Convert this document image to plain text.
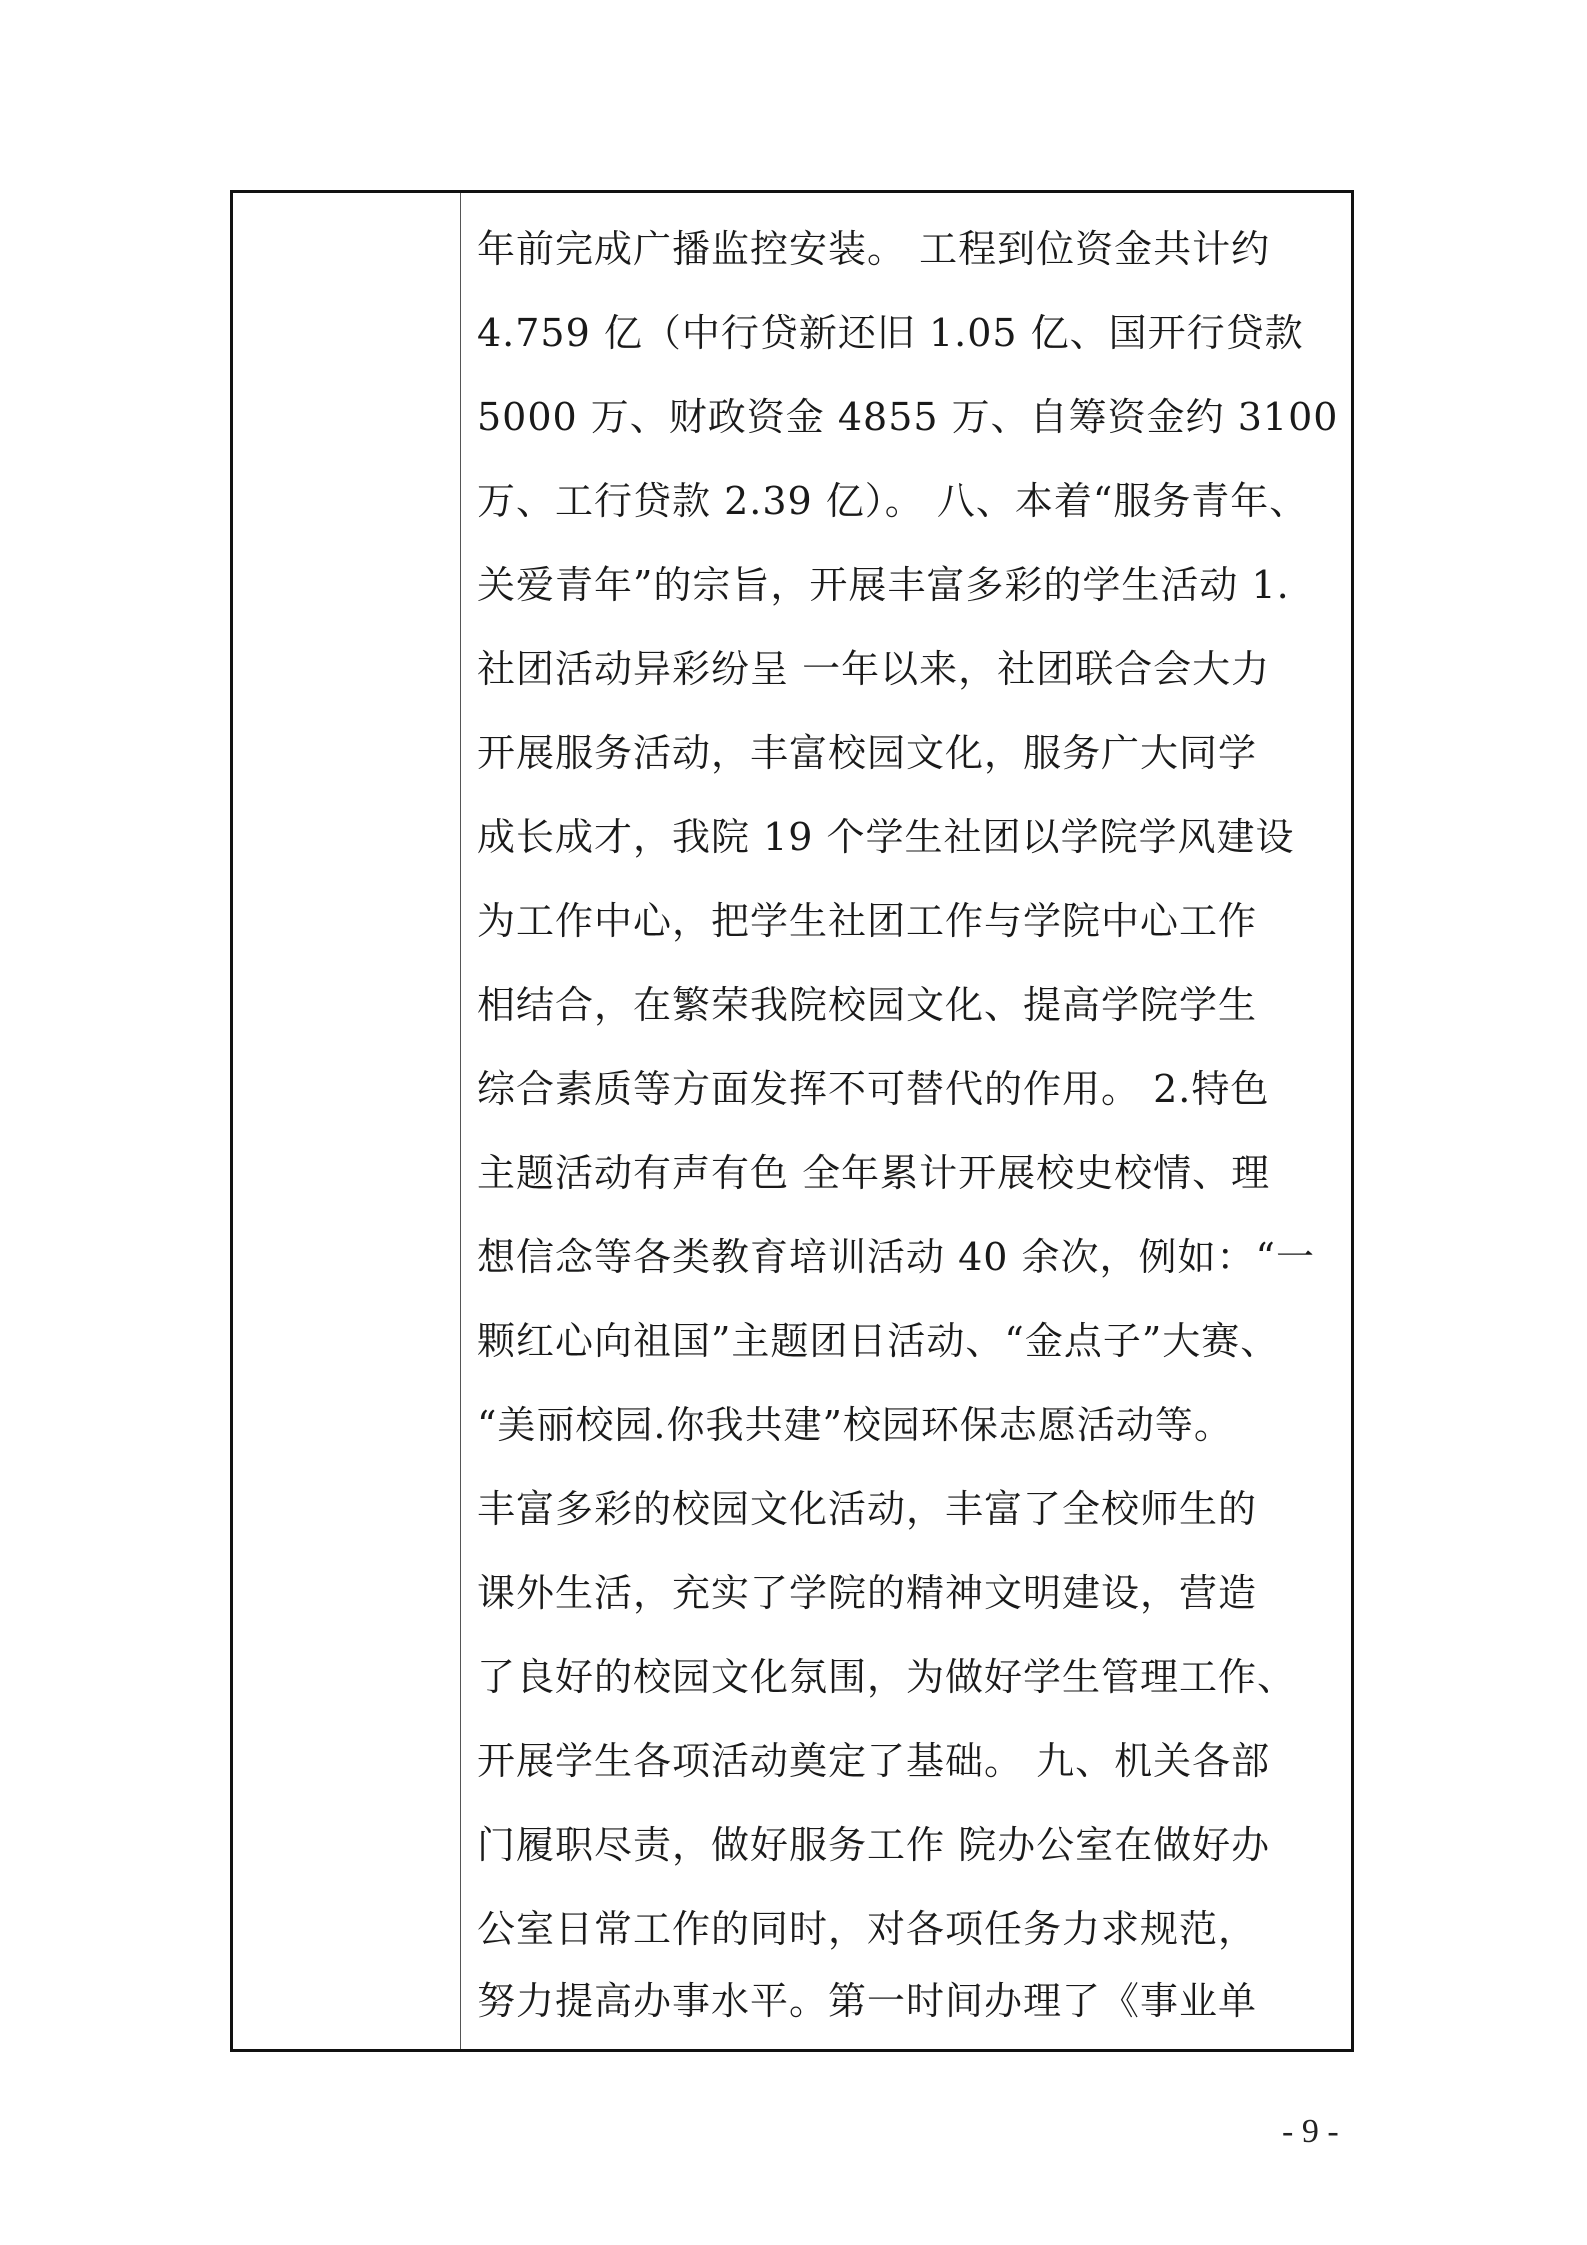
年前完成广播监控安装。 工程到位资金共计约
4.759 亿（中行贷新还旧 1.05 亿、国开行贷款
5000 万、财政资金 4855 万、自筹资金约 3100
万、工行贷款 2.39 亿）。 八、本着“服务青年、
关爱青年”的宗旨，开展丰富多彩的学生活动 1.
社团活动异彩纷呈 一年以来，社团联合会大力
开展服务活动，丰富校园文化，服务广大同学
成长成才，我院 19 个学生社团以学院学风建设
为工作中心，把学生社团工作与学院中心工作
相结合，在繁荣我院校园文化、提高学院学生
综合素质等方面发挥不可替代的作用。 2.特色
主题活动有声有色 全年累计开展校史校情、理
想信念等各类教育培训活动 40 余次，例如：“一
颗红心向祖国”主题团日活动、“金点子”大赛、
“美丽校园.你我共建”校园环保志愿活动等。
丰富多彩的校园文化活动，丰富了全校师生的
课外生活，充实了学院的精神文明建设，营造
了良好的校园文化氛围，为做好学生管理工作、
开展学生各项活动奠定了基础。 九、机关各部
门履职尽责，做好服务工作 院办公室在做好办
公室日常工作的同时，对各项任务力求规范，
努力提高办事水平。第一时间办理了《事业单
- 9 -
